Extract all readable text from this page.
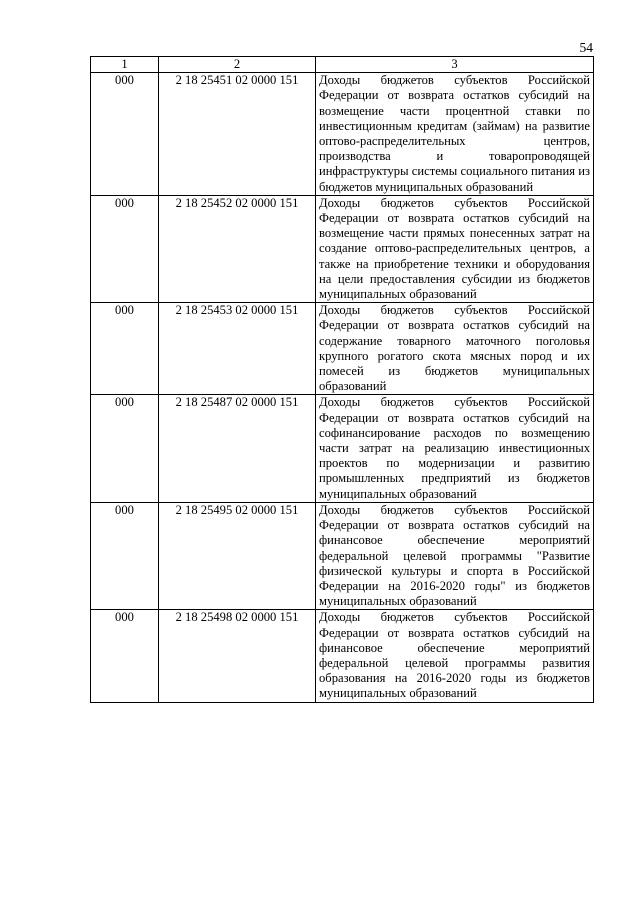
54
1	2	3
000	2 18 25451 02 0000 151	Доходы бюджетов субъектов Российской Федерации от возврата остатков субсидий на возмещение части процентной ставки по инвестиционным кредитам (займам) на развитие оптово-распределительных центров, производства и товаропроводящей инфраструктуры системы социального питания из бюджетов муниципальных образований
000	2 18 25452 02 0000 151	Доходы бюджетов субъектов Российской Федерации от возврата остатков субсидий на возмещение части прямых понесенных затрат на создание оптово-распределительных центров, а также на приобретение техники и оборудования на цели предоставления субсидии из бюджетов муниципальных образований
000	2 18 25453 02 0000 151	Доходы бюджетов субъектов Российской Федерации от возврата остатков субсидий на содержание товарного маточного поголовья крупного рогатого скота мясных пород и их помесей из бюджетов муниципальных образований
000	2 18 25487 02 0000 151	Доходы бюджетов субъектов Российской Федерации от возврата остатков субсидий на софинансирование расходов по возмещению части затрат на реализацию инвестиционных проектов по модернизации и развитию промышленных предприятий из бюджетов муниципальных образований
000	2 18 25495 02 0000 151	Доходы бюджетов субъектов Российской Федерации от возврата остатков субсидий на финансовое обеспечение мероприятий федеральной целевой программы "Развитие физической культуры и спорта в Российской Федерации на 2016-2020 годы" из бюджетов муниципальных образований
000	2 18 25498 02 0000 151	Доходы бюджетов субъектов Российской Федерации от возврата остатков субсидий на финансовое обеспечение мероприятий федеральной целевой программы развития образования на 2016-2020 годы из бюджетов муниципальных образований
